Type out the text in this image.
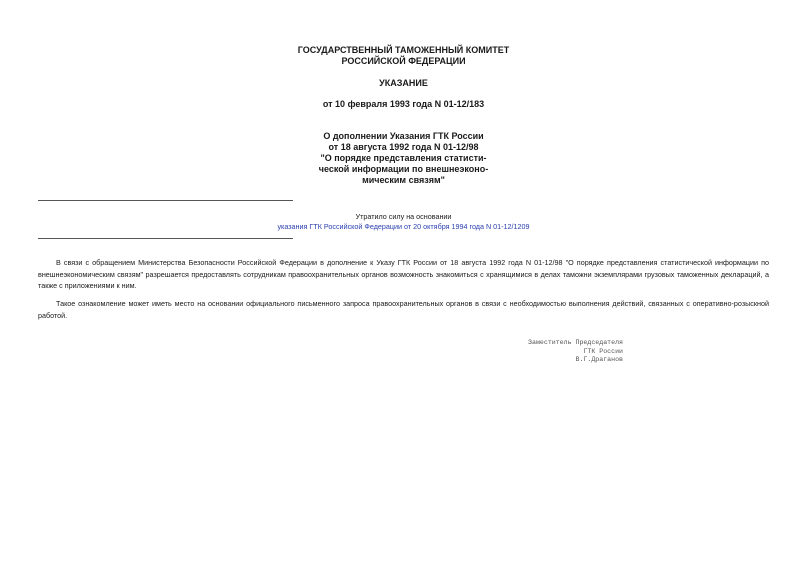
ГОСУДАРСТВЕННЫЙ ТАМОЖЕННЫЙ КОМИТЕТ
РОССИЙСКОЙ ФЕДЕРАЦИИ
УКАЗАНИЕ
от 10 февраля 1993 года N 01-12/183
О дополнении Указания ГТК России
от 18 августа 1992 года N 01-12/98
"О порядке представления статисти-
ческой информации по внешнеэконо-
мическим связям"
Утратило силу на основании
указания ГТК Российской Федерации от 20 октября 1994 года N 01-12/1209

В связи с обращением Министерства Безопасности Российской Федерации в дополнение к Указу ГТК России от 18 августа 1992 года N 01-12/98 "О порядке представления статистической информации по внешнеэкономическим связям" разрешается предоставлять сотрудникам правоохранительных органов возможность знакомиться с хранящимися в делах таможни экземплярами грузовых таможенных деклараций, а также с приложениями к ним.

Такое ознакомление может иметь место на основании официального письменного запроса правоохранительных органов в связи с необходимостью выполнения действий, связанных с оперативно-розыскной работой.

Заместитель Председателя
ГТК России
В.Г.Драганов
